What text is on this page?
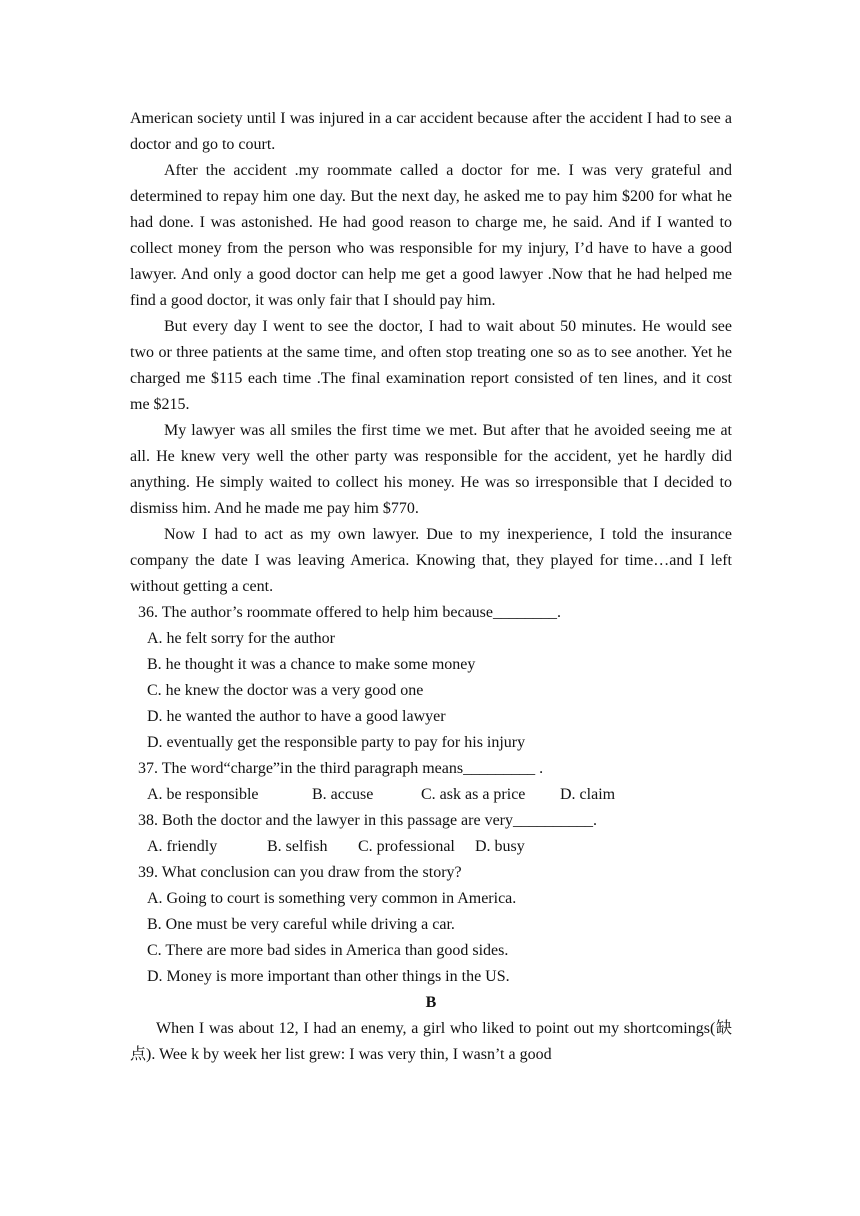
American society until I was injured in a car accident because after the accident I had to see a doctor and go to court.

After the accident .my roommate called a doctor for me. I was very grateful and determined to repay him one day. But the next day, he asked me to pay him $200 for what he had done. I was astonished. He had good reason to charge me, he said. And if I wanted to collect money from the person who was responsible for my injury, I’d have to have a good lawyer. And only a good doctor can help me get a good lawyer .Now that he had helped me find a good doctor, it was only fair that I should pay him.

But every day I went to see the doctor, I had to wait about 50 minutes. He would see two or three patients at the same time, and often stop treating one so as to see another. Yet he charged me $115 each time .The final examination report consisted of ten lines, and it cost me $215.

My lawyer was all smiles the first time we met. But after that he avoided seeing me at all. He knew very well the other party was responsible for the accident, yet he hardly did anything. He simply waited to collect his money. He was so irresponsible that I decided to dismiss him. And he made me pay him $770.

Now I had to act as my own lawyer. Due to my inexperience, I told the insurance company the date I was leaving America. Knowing that, they played for time…and I left without getting a cent.

36. The author’s roommate offered to help him because________.

A. he felt sorry for the author

B. he thought it was a chance to make some money

C. he knew the doctor was a very good one

D. he wanted the author to have a good lawyer

D. eventually get the responsible party to pay for his injury

37. The word“charge”in the third paragraph means_________ .

A. be responsible	B. accuse	C. ask as a price D. claim

38. Both the doctor and the lawyer in this passage are very__________.

A. friendly	B. selfish C. professional D. busy

39. What conclusion can you draw from the story?

A. Going to court is something very common in America.

B. One must be very careful while driving a car.

C. There are more bad sides in America than good sides.

D. Money is more important than other things in the US.

B

When I was about 12, I had an enemy, a girl who liked to point out my shortcomings(缺点). Wee k by week her list grew: I was very thin, I wasn’t a good
